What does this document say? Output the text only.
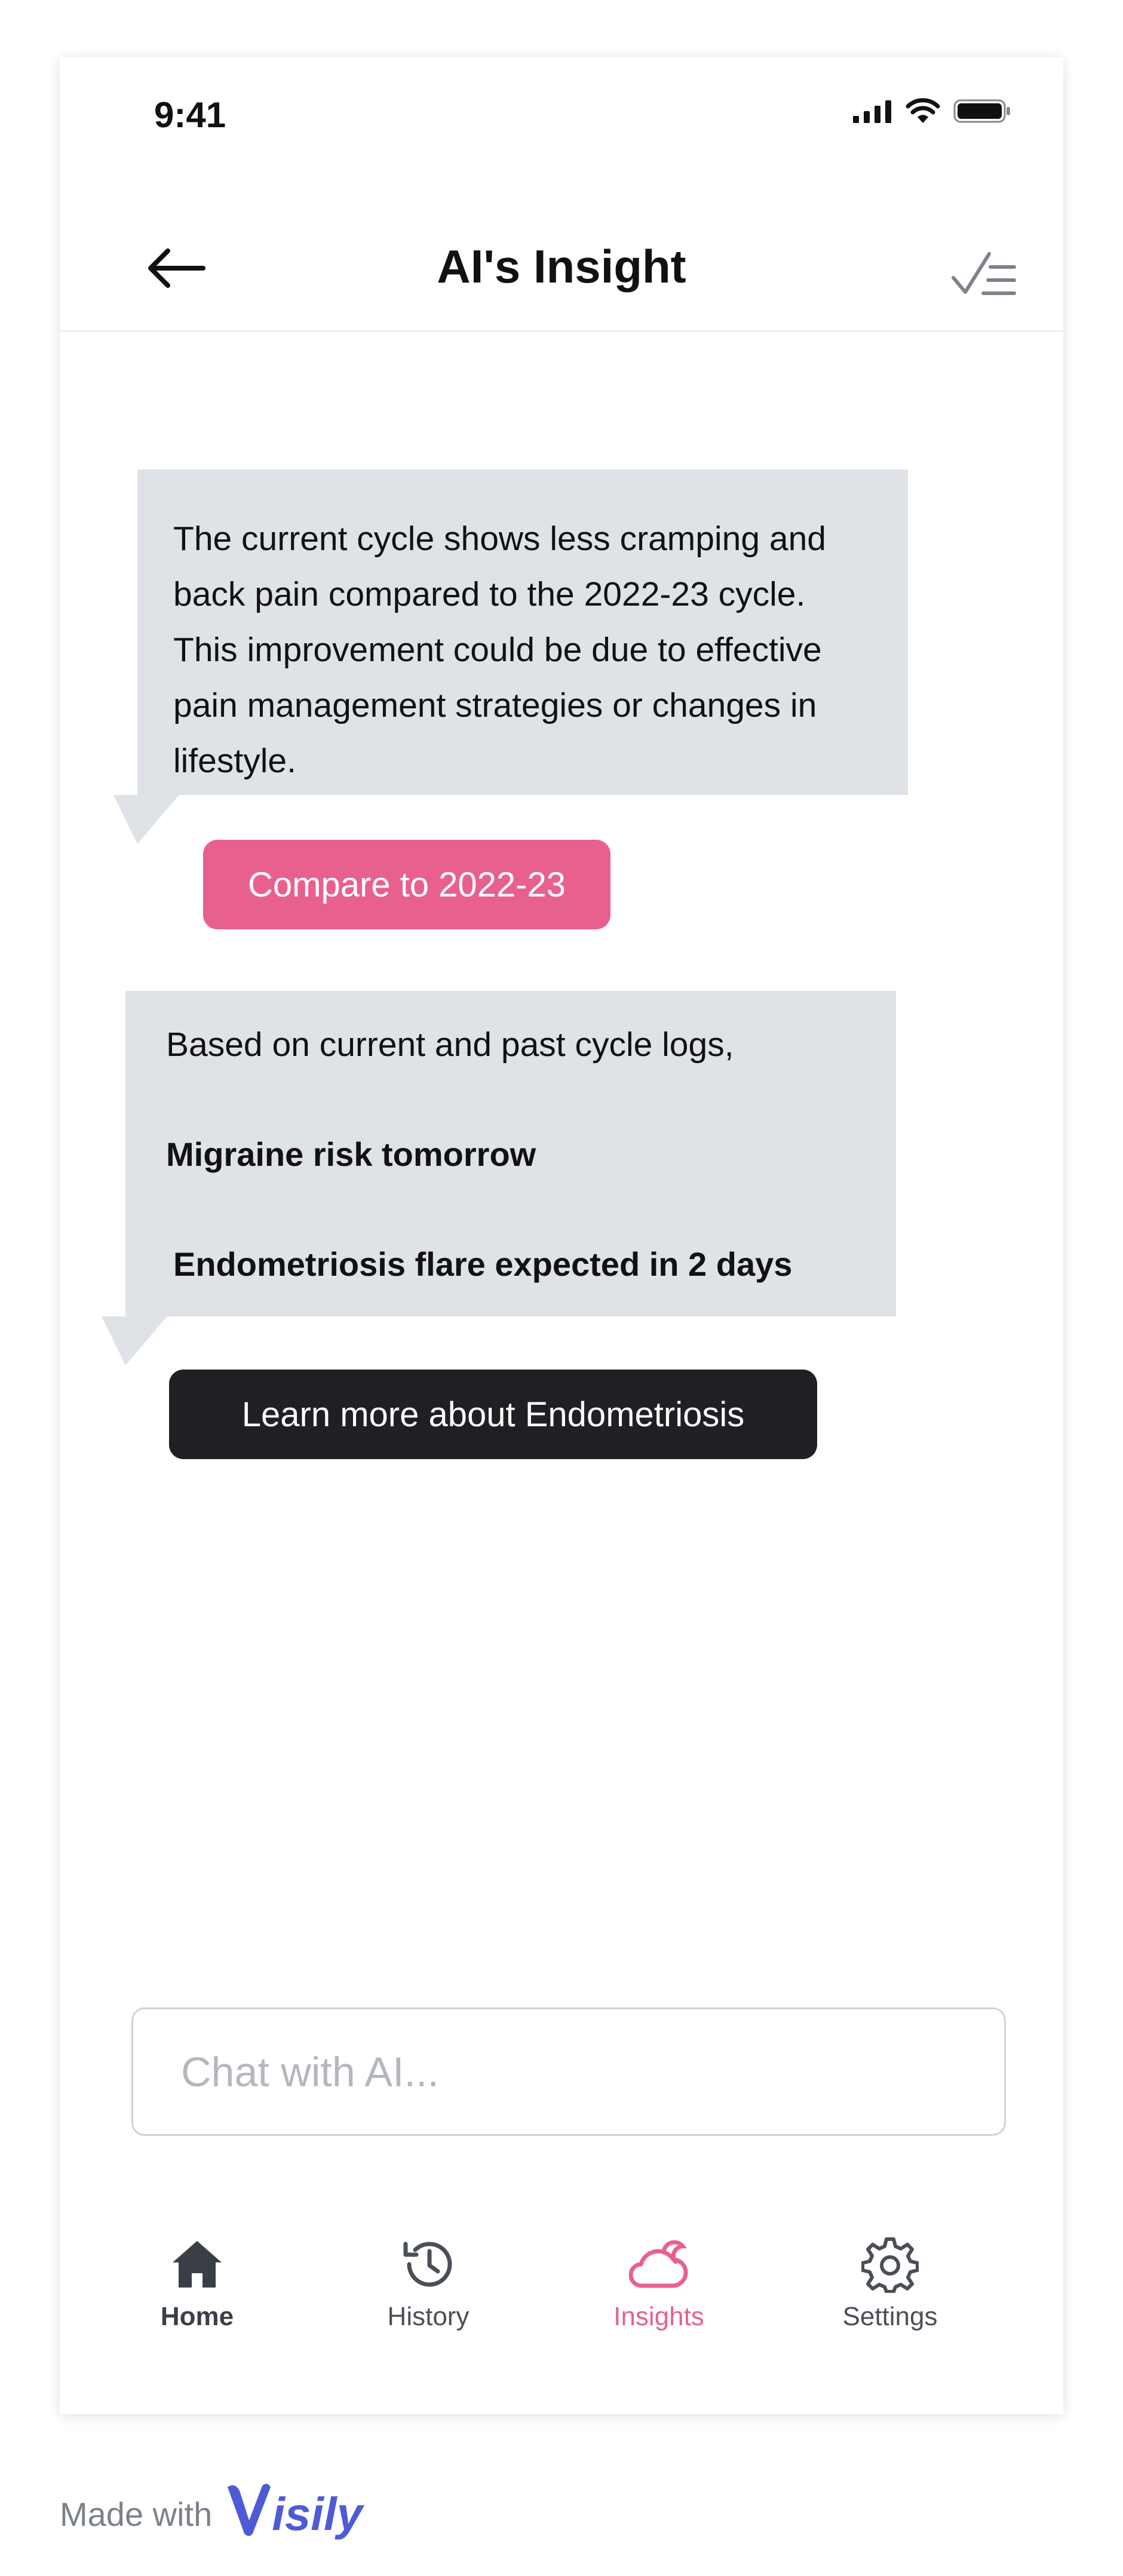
9:41
AI's Insight

The current cycle shows less cramping and back pain compared to the 2022-23 cycle. This improvement could be due to effective pain management strategies or changes in lifestyle.

Compare to 2022-23
Based on current and past cycle logs,
Migraine risk tomorrow
Endometriosis flare expected in 2 days
Learn more about Endometriosis
Chat with AI...
Home	History	Insights	Settings
Made with isily
